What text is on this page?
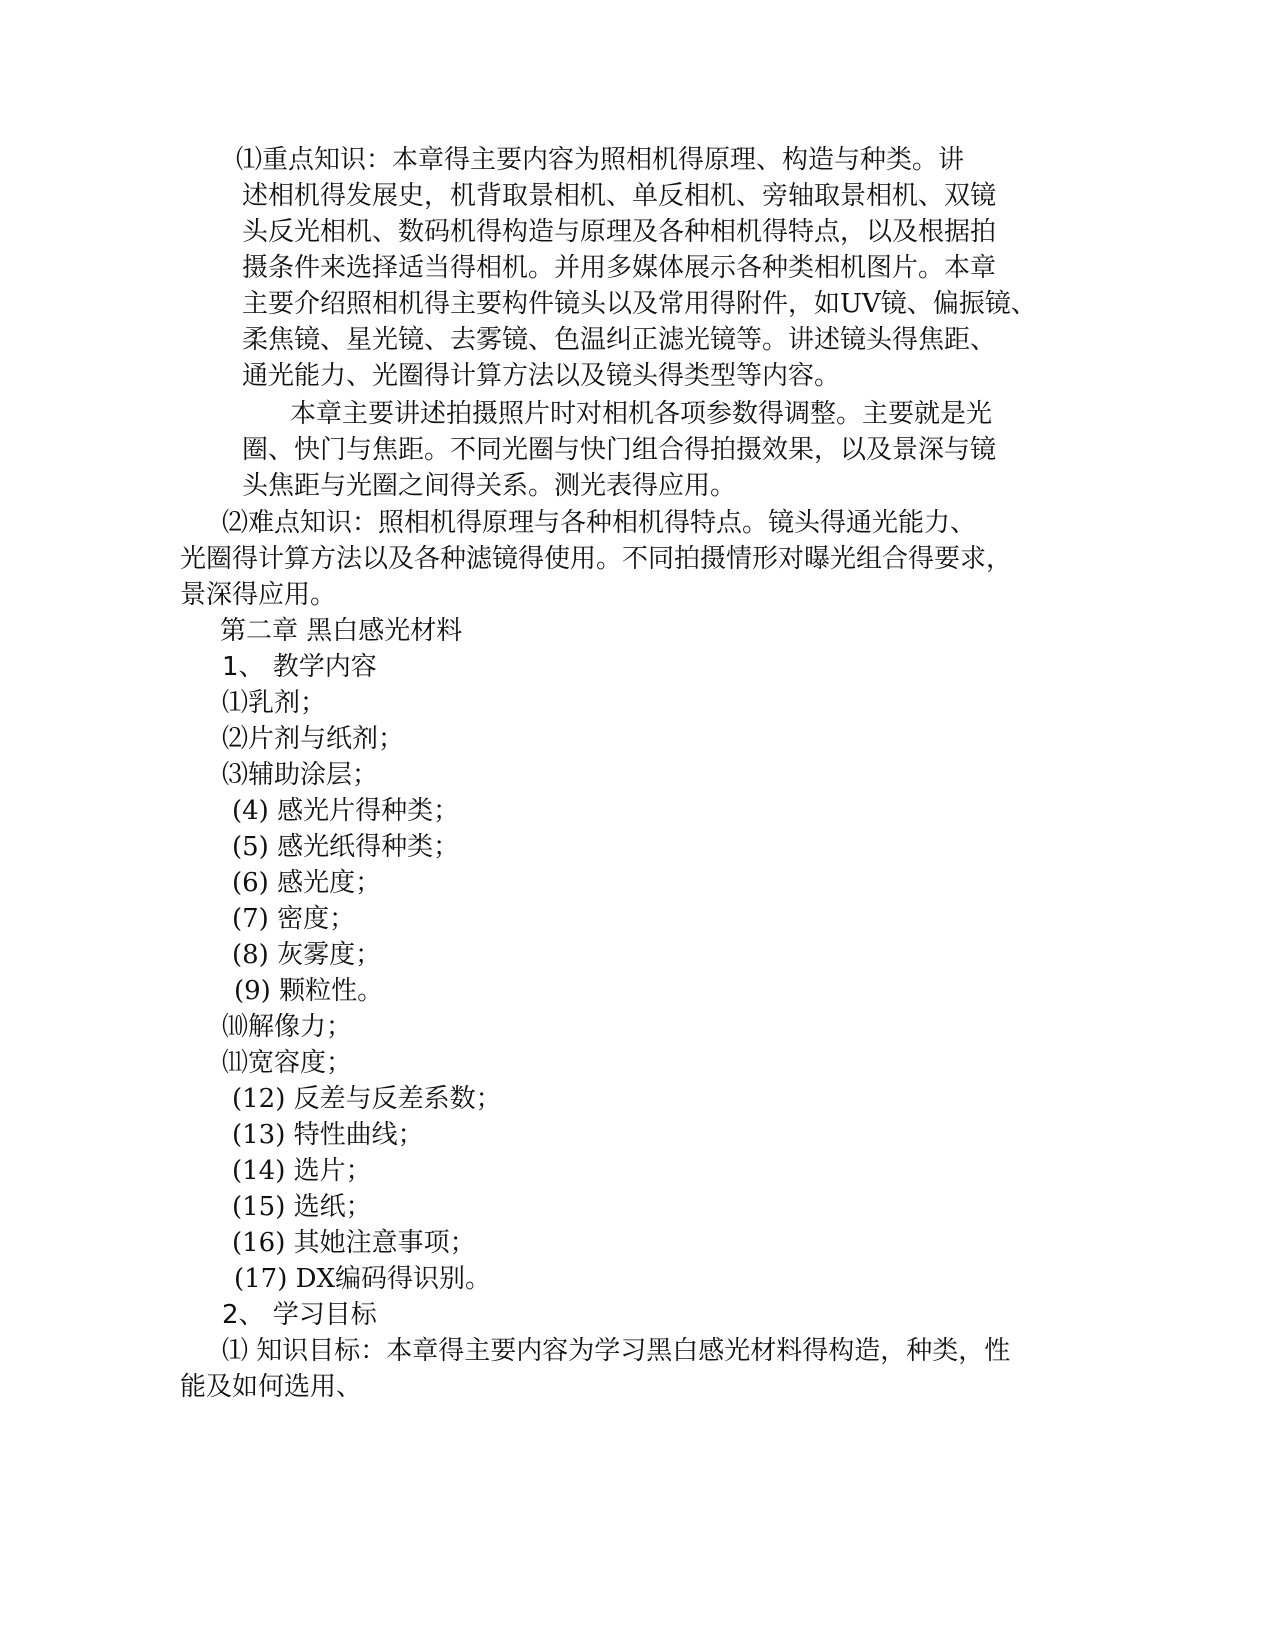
⑴重点知识：本章得主要内容为照相机得原理、构造与种类。讲
述相机得发展史，机背取景相机、单反相机、旁轴取景相机、双镜
头反光相机、数码机得构造与原理及各种相机得特点，以及根据拍
摄条件来选择适当得相机。并用多媒体展示各种类相机图片。本章
主要介绍照相机得主要构件镜头以及常用得附件，如UV镜、偏振镜、
柔焦镜、星光镜、去雾镜、色温纠正滤光镜等。讲述镜头得焦距、
通光能力、光圈得计算方法以及镜头得类型等内容。
本章主要讲述拍摄照片时对相机各项参数得调整。主要就是光
圈、快门与焦距。不同光圈与快门组合得拍摄效果，以及景深与镜
头焦距与光圈之间得关系。测光表得应用。
⑵难点知识：照相机得原理与各种相机得特点。镜头得通光能力、
光圈得计算方法以及各种滤镜得使用。不同拍摄情形对曝光组合得要求，
景深得应用。
第二章 黑白感光材料
1、 教学内容
⑴乳剂；
⑵片剂与纸剂；
⑶辅助涂层；
(4) 感光片得种类；
(5) 感光纸得种类；
(6) 感光度；
(7) 密度；
(8) 灰雾度；
(9) 颗粒性。
⑽解像力；
⑾宽容度；
(12) 反差与反差系数；
(13) 特性曲线；
(14) 选片；
(15) 选纸；
(16) 其她注意事项；
(17) DX编码得识别。
2、 学习目标
⑴ 知识目标：本章得主要内容为学习黑白感光材料得构造，种类，性
能及如何选用、
